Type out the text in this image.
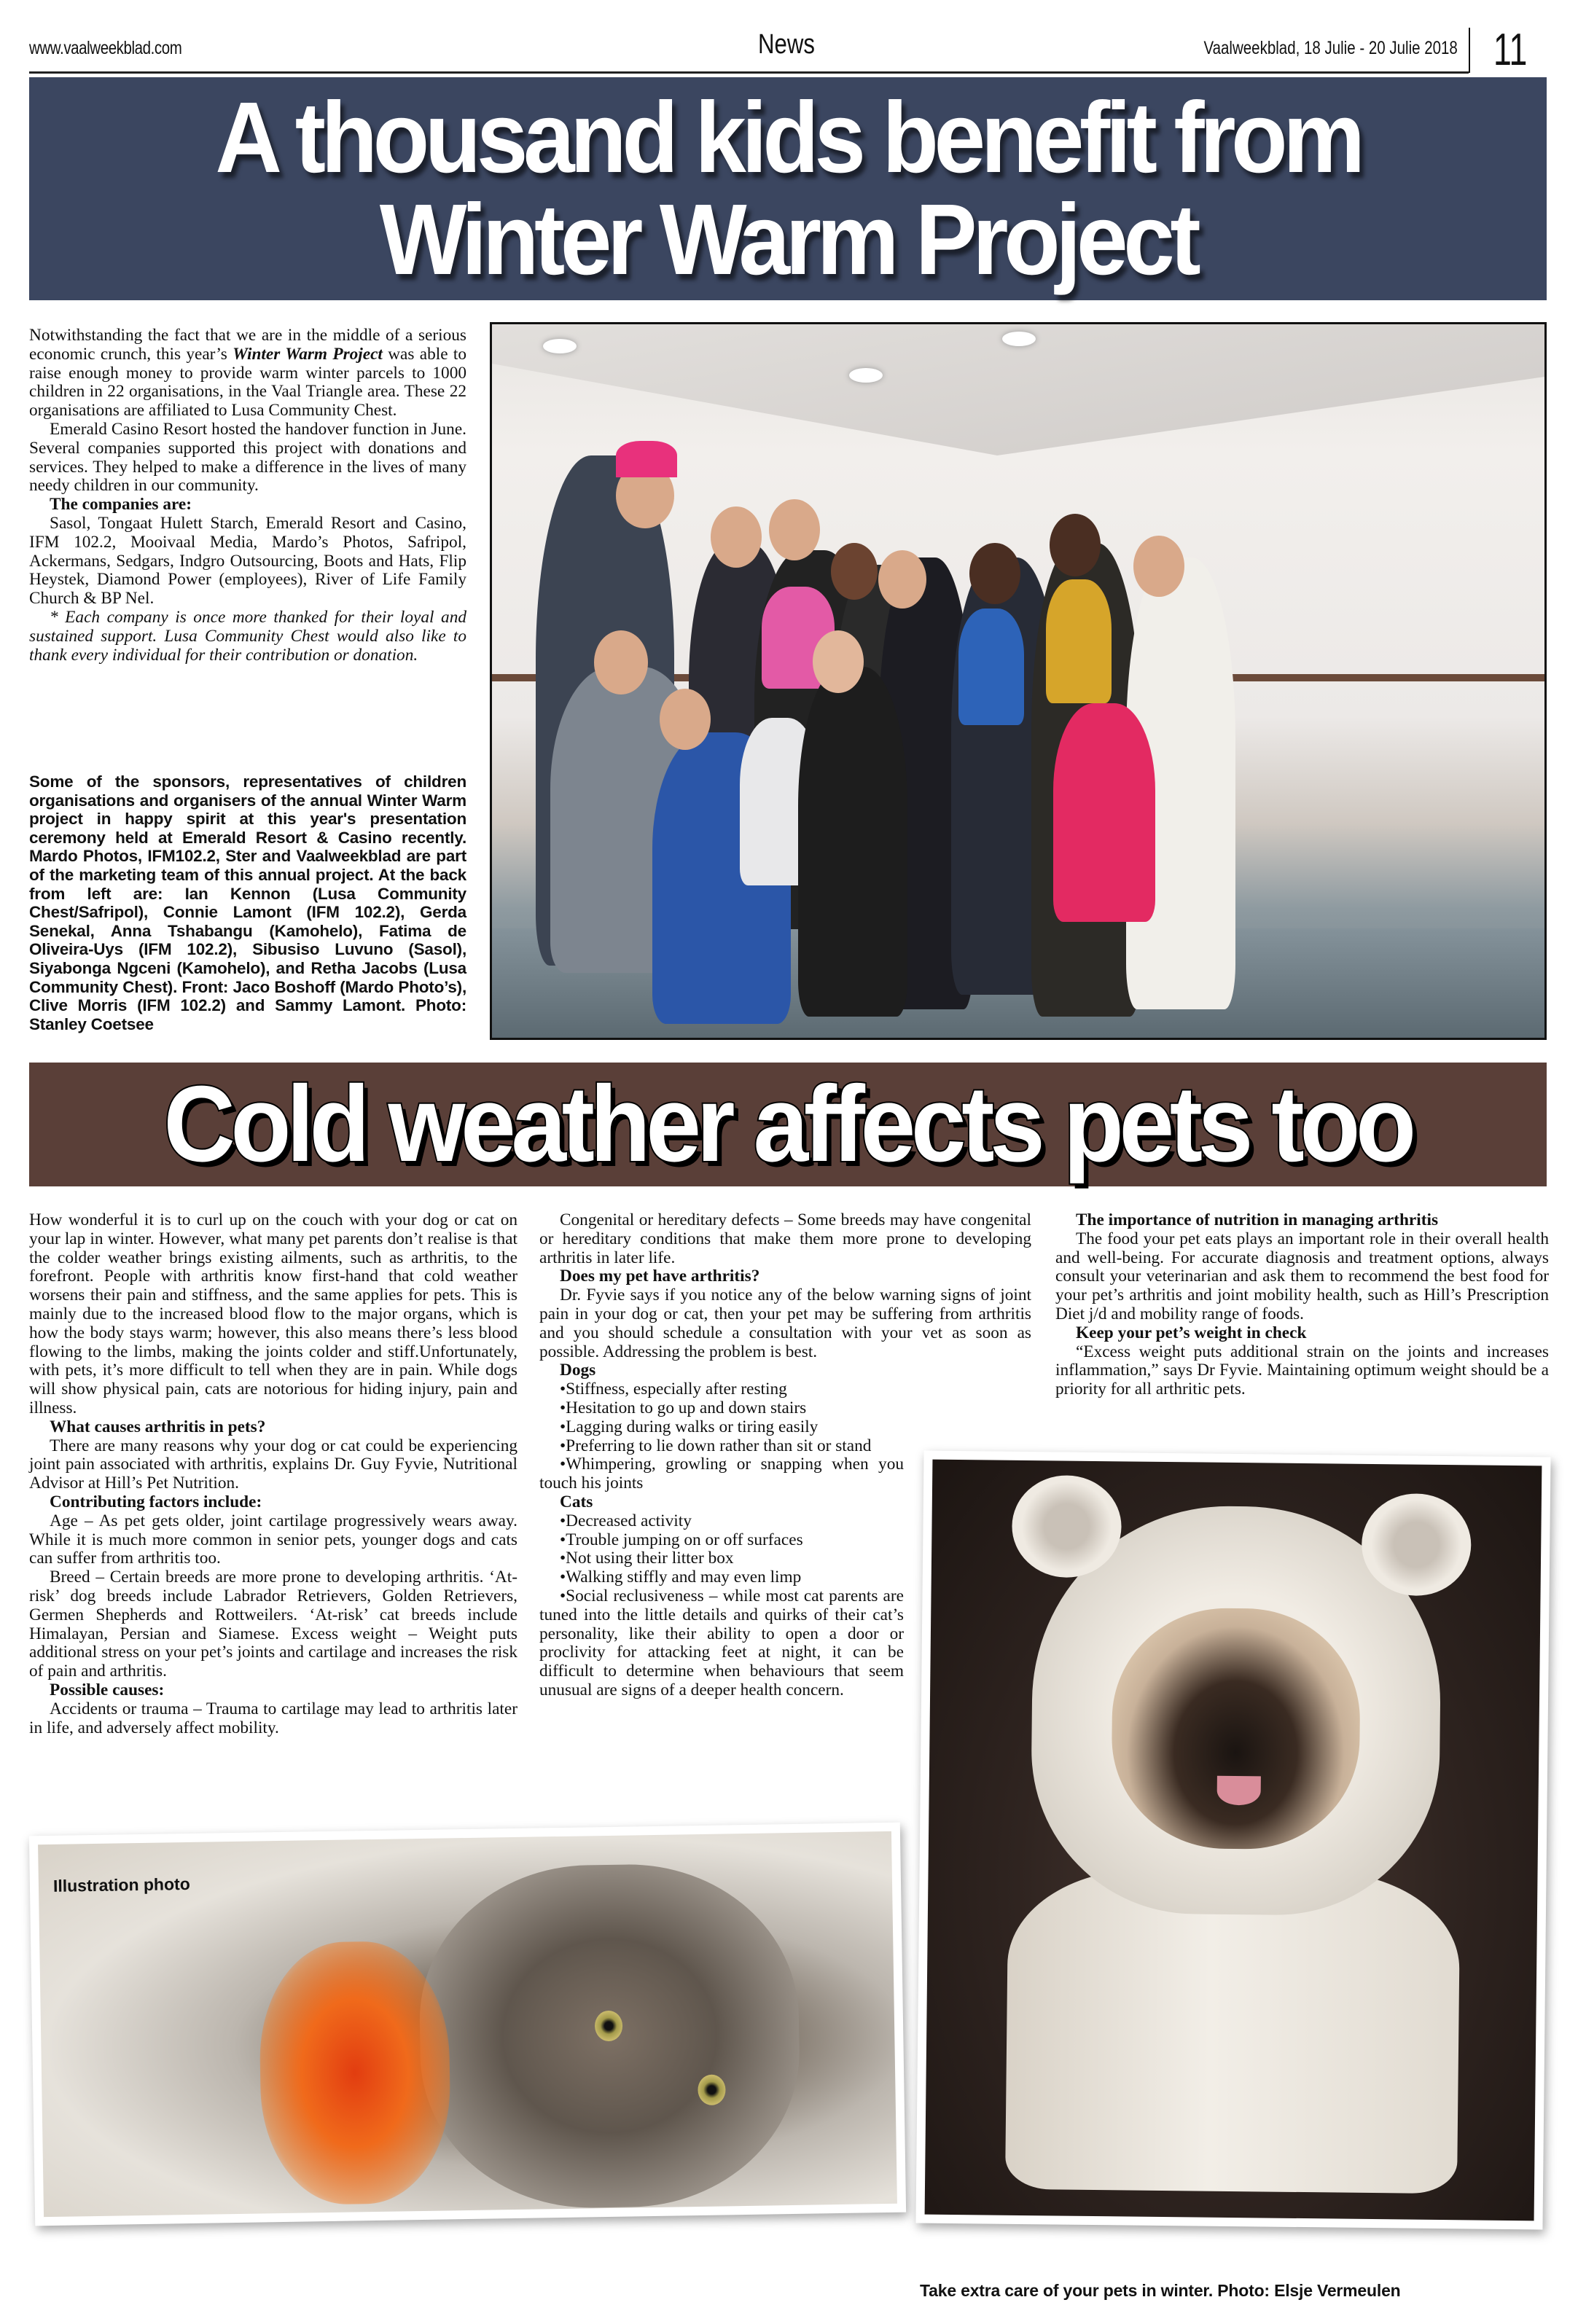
www.vaalweekblad.com	News	Vaalweekblad, 18 Julie - 20 Julie 2018 11
A thousand kids benefit from Winter Warm Project

Notwithstanding the fact that we are in the middle of a serious economic crunch, this year’s Winter Warm Project was able to raise enough money to provide warm winter parcels to 1000 children in 22 organisations, in the Vaal Triangle area. These 22 organisations are affiliated to Lusa Community Chest.

Emerald Casino Resort hosted the handover function in June. Several companies supported this project with donations and services. They helped to make a difference in the lives of many needy children in our community.

The companies are:

Sasol, Tongaat Hulett Starch, Emerald Resort and Casino, IFM 102.2, Mooivaal Media, Mardo’s Photos, Safripol, Ackermans, Sedgars, Indgro Outsourcing, Boots and Hats, Flip Heystek, Diamond Power (employees), River of Life Family Church & BP Nel.

* Each company is once more thanked for their loyal and sustained support. Lusa Community Chest would also like to thank every individual for their contribution or donation.

Some of the sponsors, representatives of children organisations and organisers of the annual Winter Warm project in happy spirit at this year's presentation ceremony held at Emerald Resort & Casino recently. Mardo Photos, IFM102.2, Ster and Vaalweekblad are part of the marketing team of this annual project. At the back from left are: Ian Kennon (Lusa Community Chest/Safripol), Connie Lamont (IFM 102.2), Gerda Senekal, Anna Tshabangu (Kamohelo), Fatima de Oliveira-Uys (IFM 102.2), Sibusiso Luvuno (Sasol), Siyabonga Ngceni (Kamohelo), and Retha Jacobs (Lusa Community Chest). Front: Jaco Boshoff (Mardo Photo’s), Clive Morris (IFM 102.2) and Sammy Lamont. Photo: Stanley Coetsee

Cold weather affects pets too

How wonderful it is to curl up on the couch with your dog or cat on your lap in winter. However, what many pet parents don’t realise is that the colder weather brings existing ailments, such as arthritis, to the forefront. People with arthritis know first-hand that cold weather worsens their pain and stiffness, and the same applies for pets. This is mainly due to the increased blood flow to the major organs, which is how the body stays warm; however, this also means there’s less blood flowing to the limbs, making the joints colder and stiff.Unfortunately, with pets, it’s more difficult to tell when they are in pain. While dogs will show physical pain, cats are notorious for hiding injury, pain and illness.

What causes arthritis in pets?

There are many reasons why your dog or cat could be experiencing joint pain associated with arthritis, explains Dr. Guy Fyvie, Nutritional Advisor at Hill’s Pet Nutrition.

Contributing factors include:

Age – As pet gets older, joint cartilage progressively wears away. While it is much more common in senior pets, younger dogs and cats can suffer from arthritis too.

Breed – Certain breeds are more prone to developing arthritis. ‘At-risk’ dog breeds include Labrador Retrievers, Golden Retrievers, Germen Shepherds and Rottweilers. ‘At-risk’ cat breeds include Himalayan, Persian and Siamese. Excess weight – Weight puts additional stress on your pet’s joints and cartilage and increases the risk of pain and arthritis.

Possible causes:

Accidents or trauma – Trauma to cartilage may lead to arthritis later in life, and adversely affect mobility.

Congenital or hereditary defects – Some breeds may have congenital or hereditary conditions that make them more prone to developing arthritis in later life.

Does my pet have arthritis?

Dr. Fyvie says if you notice any of the below warning signs of joint pain in your dog or cat, then your pet may be suffering from arthritis and you should schedule a consultation with your vet as soon as possible. Addressing the problem is best.

Dogs

•Stiffness, especially after resting

•Hesitation to go up and down stairs

•Lagging during walks or tiring easily

•Preferring to lie down rather than sit or stand

•Whimpering, growling or snapping when you touch his joints

Cats

•Decreased activity

•Trouble jumping on or off surfaces

•Not using their litter box

•Walking stiffly and may even limp

•Social reclusiveness – while most cat parents are tuned into the little details and quirks of their cat’s personality, like their ability to open a door or proclivity for attacking feet at night, it can be difficult to determine when behaviours that seem unusual are signs of a deeper health concern.

The importance of nutrition in managing arthritis

The food your pet eats plays an important role in their overall health and well-being. For accurate diagnosis and treatment options, always consult your veterinarian and ask them to recommend the best food for your pet’s arthritis and joint mobility health, such as Hill’s Prescription Diet j/d and mobility range of foods.

Keep your pet’s weight in check

“Excess weight puts additional strain on the joints and increases inflammation,” says Dr Fyvie. Maintaining optimum weight should be a priority for all arthritic pets.

Illustration photo

Take extra care of your pets in winter. Photo: Elsje Vermeulen
